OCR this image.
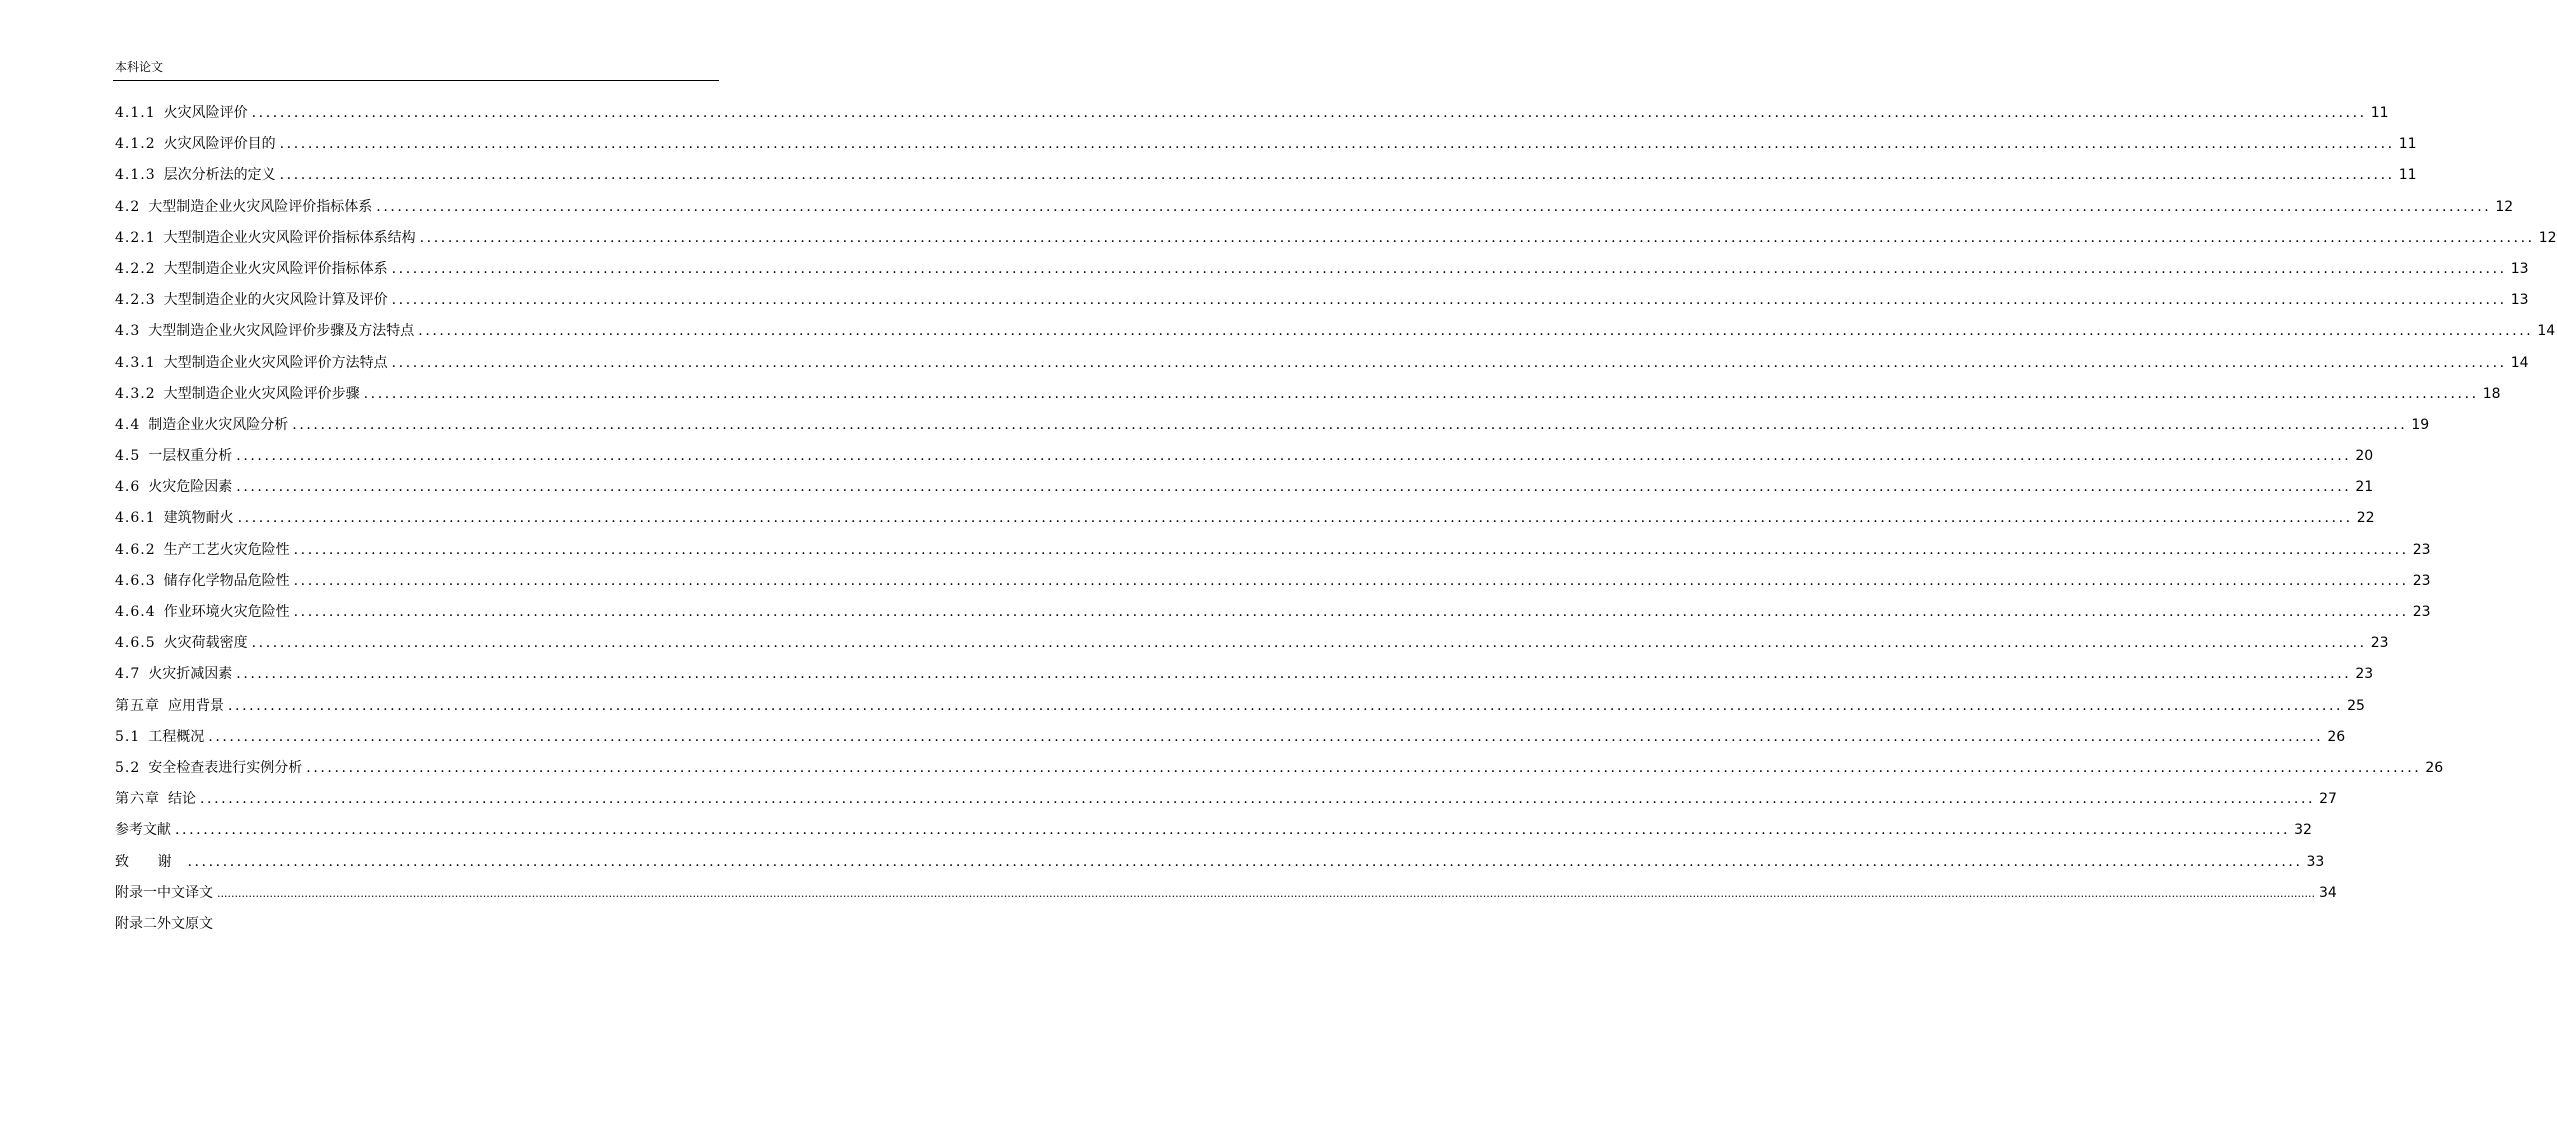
本科论文
4.1.1 火灾风险评价 ............................................................................................................................................................................................................................................................................................................ 11
4.1.2 火灾风险评价目的 ............................................................................................................................................................................................................................................................................................................ 11
4.1.3 层次分析法的定义 ............................................................................................................................................................................................................................................................................................................ 11
4.2 大型制造企业火灾风险评价指标体系 ............................................................................................................................................................................................................................................................................................................ 12
4.2.1 大型制造企业火灾风险评价指标体系结构 ............................................................................................................................................................................................................................................................................................................ 12
4.2.2 大型制造企业火灾风险评价指标体系 ............................................................................................................................................................................................................................................................................................................ 13
4.2.3 大型制造企业的火灾风险计算及评价 ............................................................................................................................................................................................................................................................................................................ 13
4.3 大型制造企业火灾风险评价步骤及方法特点 ............................................................................................................................................................................................................................................................................................................ 14
4.3.1 大型制造企业火灾风险评价方法特点 ............................................................................................................................................................................................................................................................................................................ 14
4.3.2 大型制造企业火灾风险评价步骤 ............................................................................................................................................................................................................................................................................................................ 18
4.4 制造企业火灾风险分析 ............................................................................................................................................................................................................................................................................................................ 19
4.5 一层权重分析 ............................................................................................................................................................................................................................................................................................................ 20
4.6 火灾危险因素 ............................................................................................................................................................................................................................................................................................................ 21
4.6.1 建筑物耐火 ............................................................................................................................................................................................................................................................................................................ 22
4.6.2 生产工艺火灾危险性 ............................................................................................................................................................................................................................................................................................................ 23
4.6.3 储存化学物品危险性 ............................................................................................................................................................................................................................................................................................................ 23
4.6.4 作业环境火灾危险性 ............................................................................................................................................................................................................................................................................................................ 23
4.6.5 火灾荷载密度 ............................................................................................................................................................................................................................................................................................................ 23
4.7 火灾折减因素 ............................................................................................................................................................................................................................................................................................................ 23
第五章 应用背景 ............................................................................................................................................................................................................................................................................................................ 25
5.1 工程概况 ............................................................................................................................................................................................................................................................................................................ 26
5.2 安全检查表进行实例分析 ............................................................................................................................................................................................................................................................................................................ 26
第六章 结论 ............................................................................................................................................................................................................................................................................................................ 27
参考文献 ............................................................................................................................................................................................................................................................................................................ 32
致 谢 ............................................................................................................................................................................................................................................................................................................ 33
附录一中文译文 ........................................................................................................................................................................................................................................................................................................................................................................................................................................................................................................................................................................................................................ 34
附录二外文原文
